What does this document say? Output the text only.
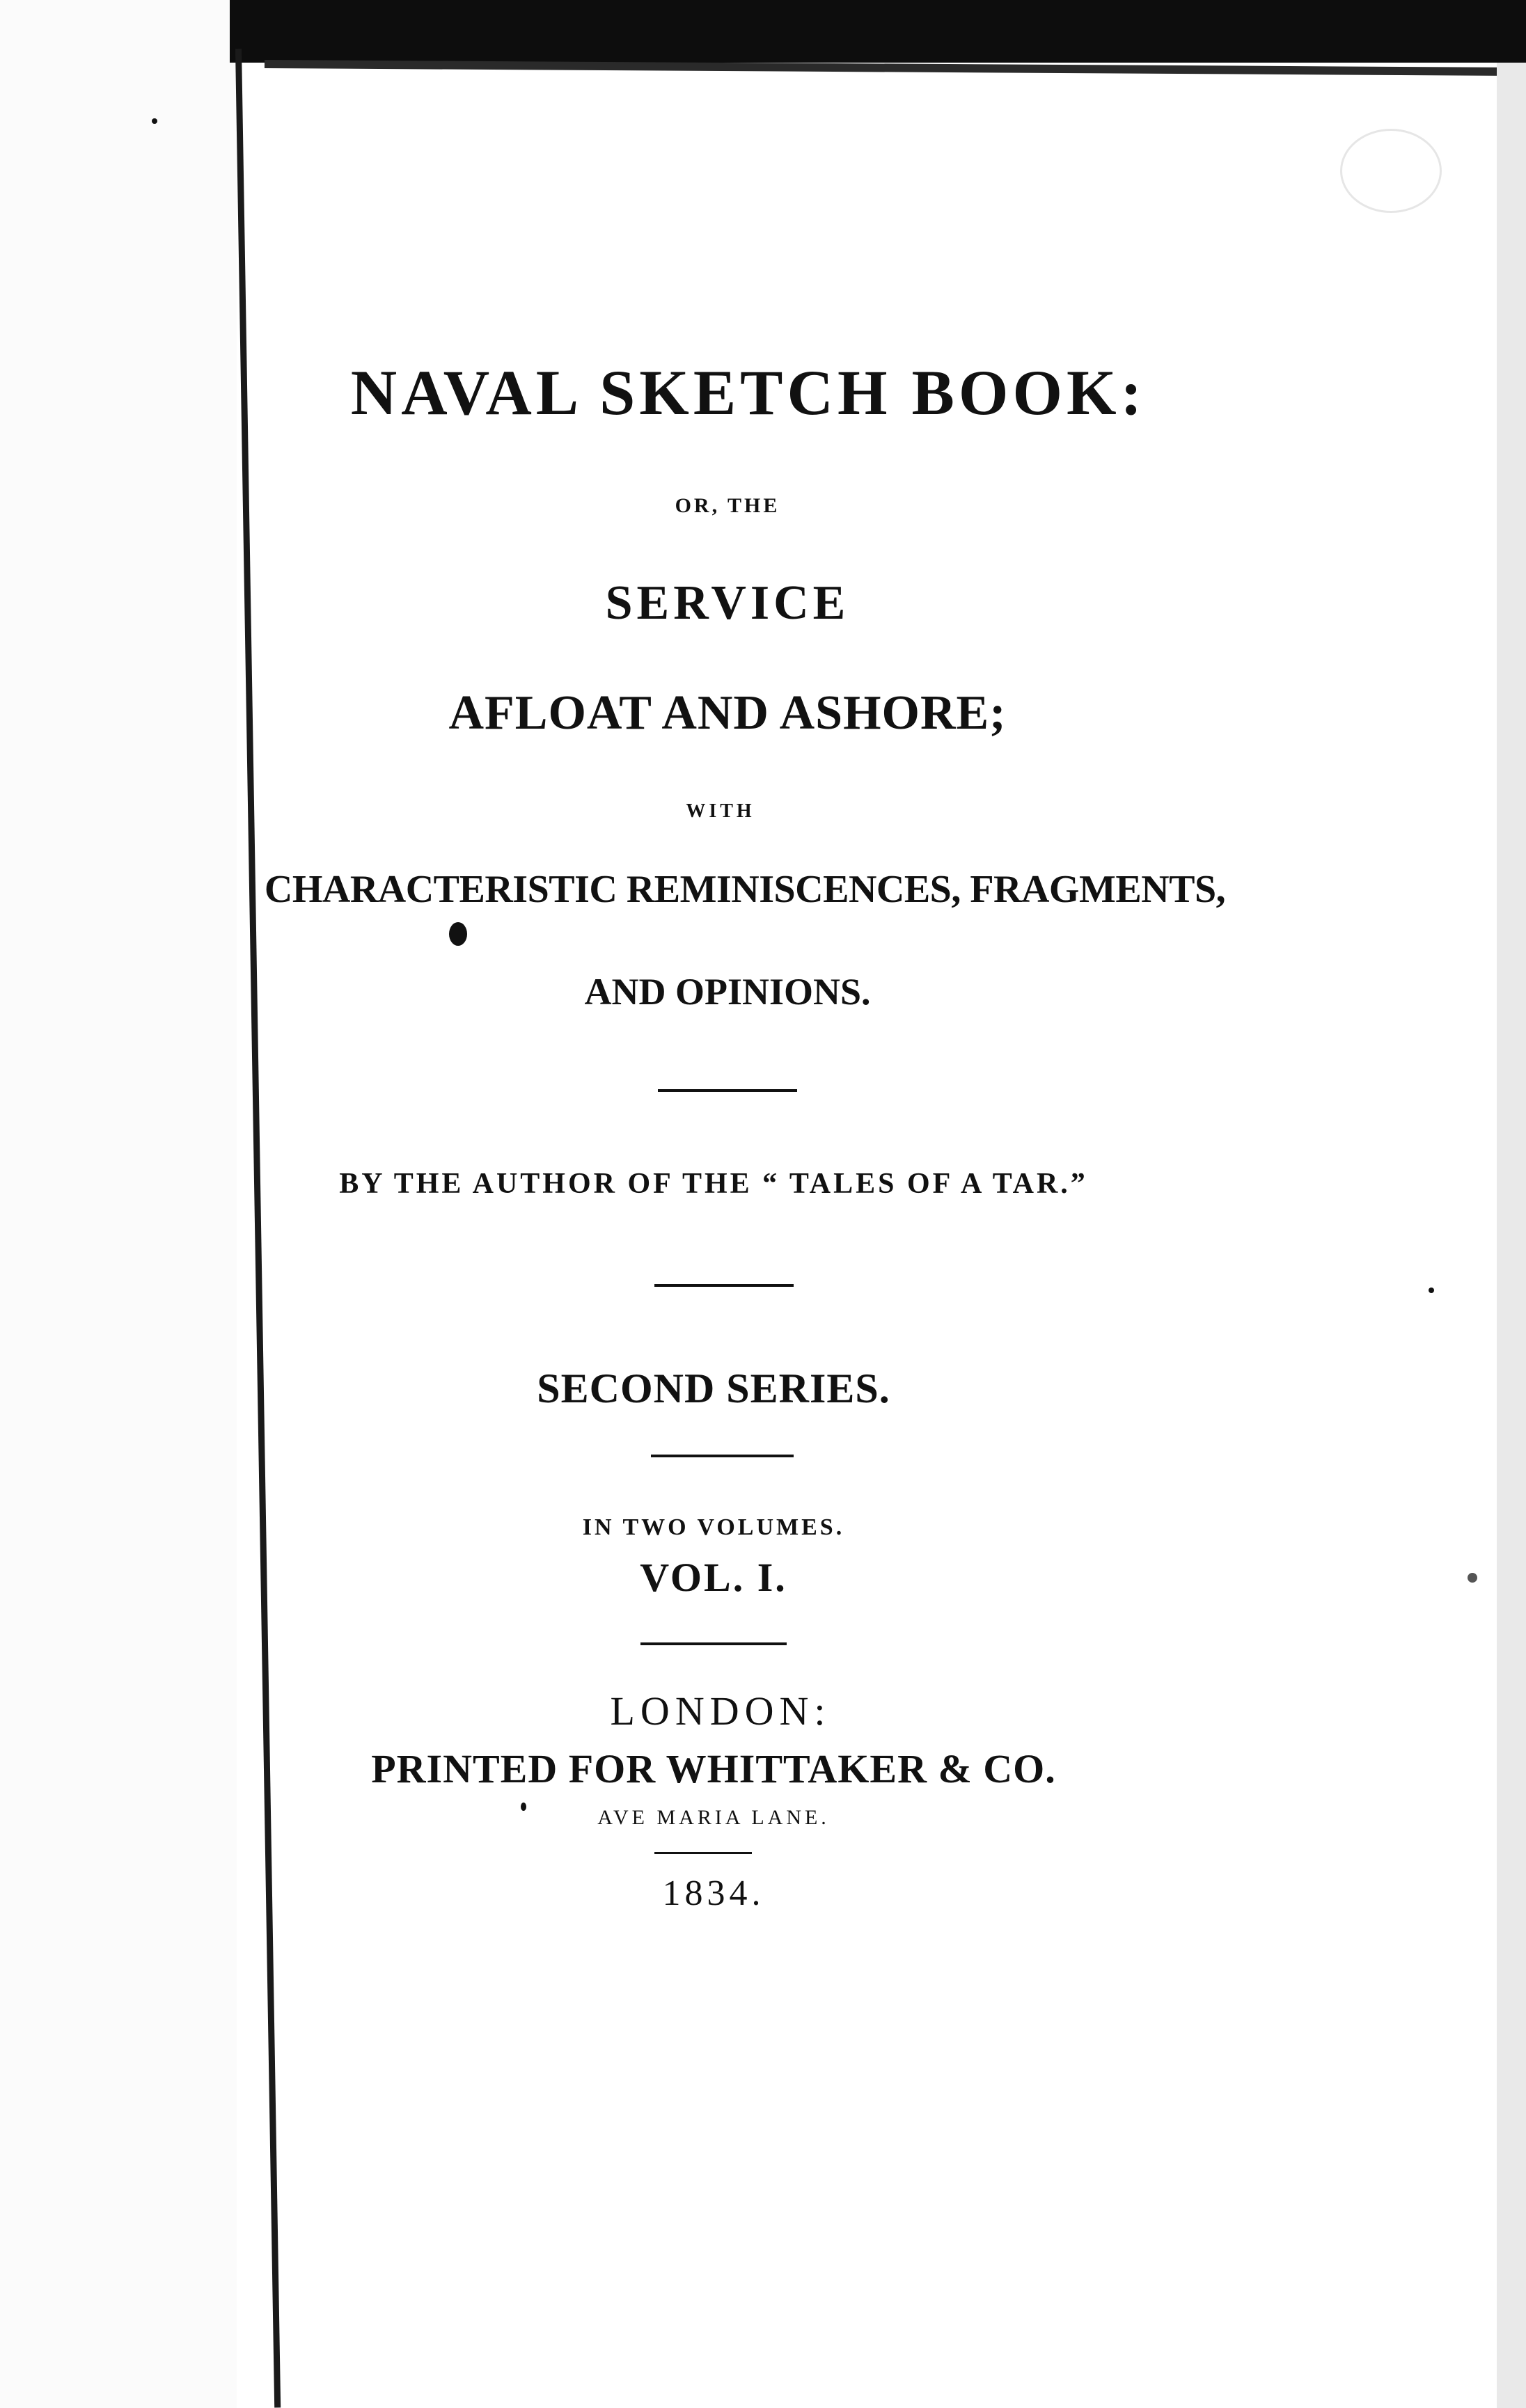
NAVAL SKETCH BOOK:
OR, THE
SERVICE
AFLOAT AND ASHORE;
WITH
CHARACTERISTIC REMINISCENCES, FRAGMENTS,
AND OPINIONS.
BY THE AUTHOR OF THE “ TALES OF A TAR.”
SECOND SERIES.
IN TWO VOLUMES.
VOL. I.
LONDON:
PRINTED FOR WHITTAKER & CO.
AVE MARIA LANE.
1834.
